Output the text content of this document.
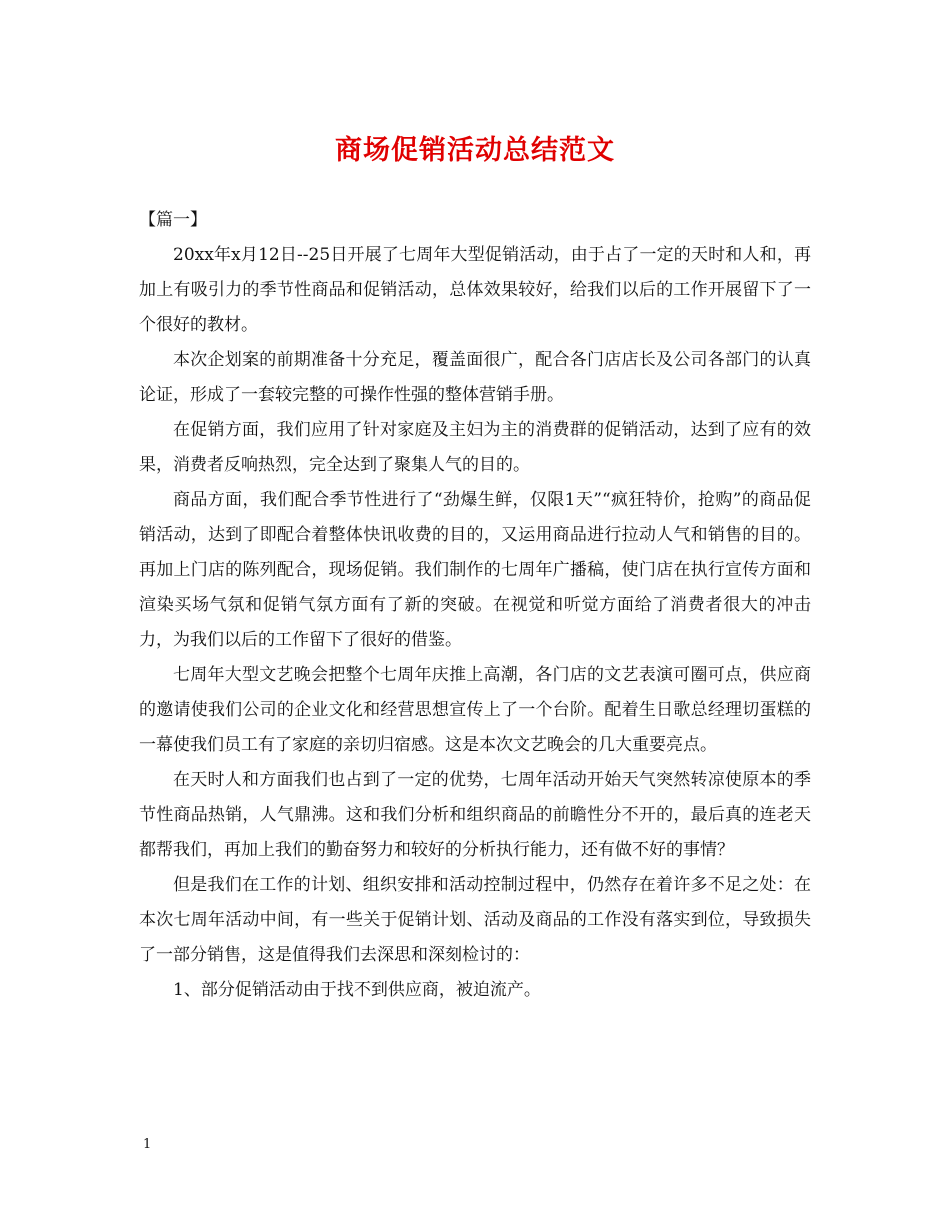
商场促销活动总结范文
【篇一】

20xx年x月12日--25日开展了七周年大型促销活动，由于占了一定的天时和人和，再加上有吸引力的季节性商品和促销活动，总体效果较好，给我们以后的工作开展留下了一个很好的教材。

本次企划案的前期准备十分充足，覆盖面很广，配合各门店店长及公司各部门的认真论证，形成了一套较完整的可操作性强的整体营销手册。

在促销方面，我们应用了针对家庭及主妇为主的消费群的促销活动，达到了应有的效果，消费者反响热烈，完全达到了聚集人气的目的。

商品方面，我们配合季节性进行了“劲爆生鲜，仅限1天”“疯狂特价，抢购”的商品促销活动，达到了即配合着整体快讯收费的目的，又运用商品进行拉动人气和销售的目的。再加上门店的陈列配合，现场促销。我们制作的七周年广播稿，使门店在执行宣传方面和渲染买场气氛和促销气氛方面有了新的突破。在视觉和听觉方面给了消费者很大的冲击力，为我们以后的工作留下了很好的借鉴。

七周年大型文艺晚会把整个七周年庆推上高潮，各门店的文艺表演可圈可点，供应商的邀请使我们公司的企业文化和经营思想宣传上了一个台阶。配着生日歌总经理切蛋糕的一幕使我们员工有了家庭的亲切归宿感。这是本次文艺晚会的几大重要亮点。

在天时人和方面我们也占到了一定的优势，七周年活动开始天气突然转凉使原本的季节性商品热销，人气鼎沸。这和我们分析和组织商品的前瞻性分不开的，最后真的连老天都帮我们，再加上我们的勤奋努力和较好的分析执行能力，还有做不好的事情？

但是我们在工作的计划、组织安排和活动控制过程中，仍然存在着许多不足之处：在本次七周年活动中间，有一些关于促销计划、活动及商品的工作没有落实到位，导致损失了一部分销售，这是值得我们去深思和深刻检讨的：

1、部分促销活动由于找不到供应商，被迫流产。

1
